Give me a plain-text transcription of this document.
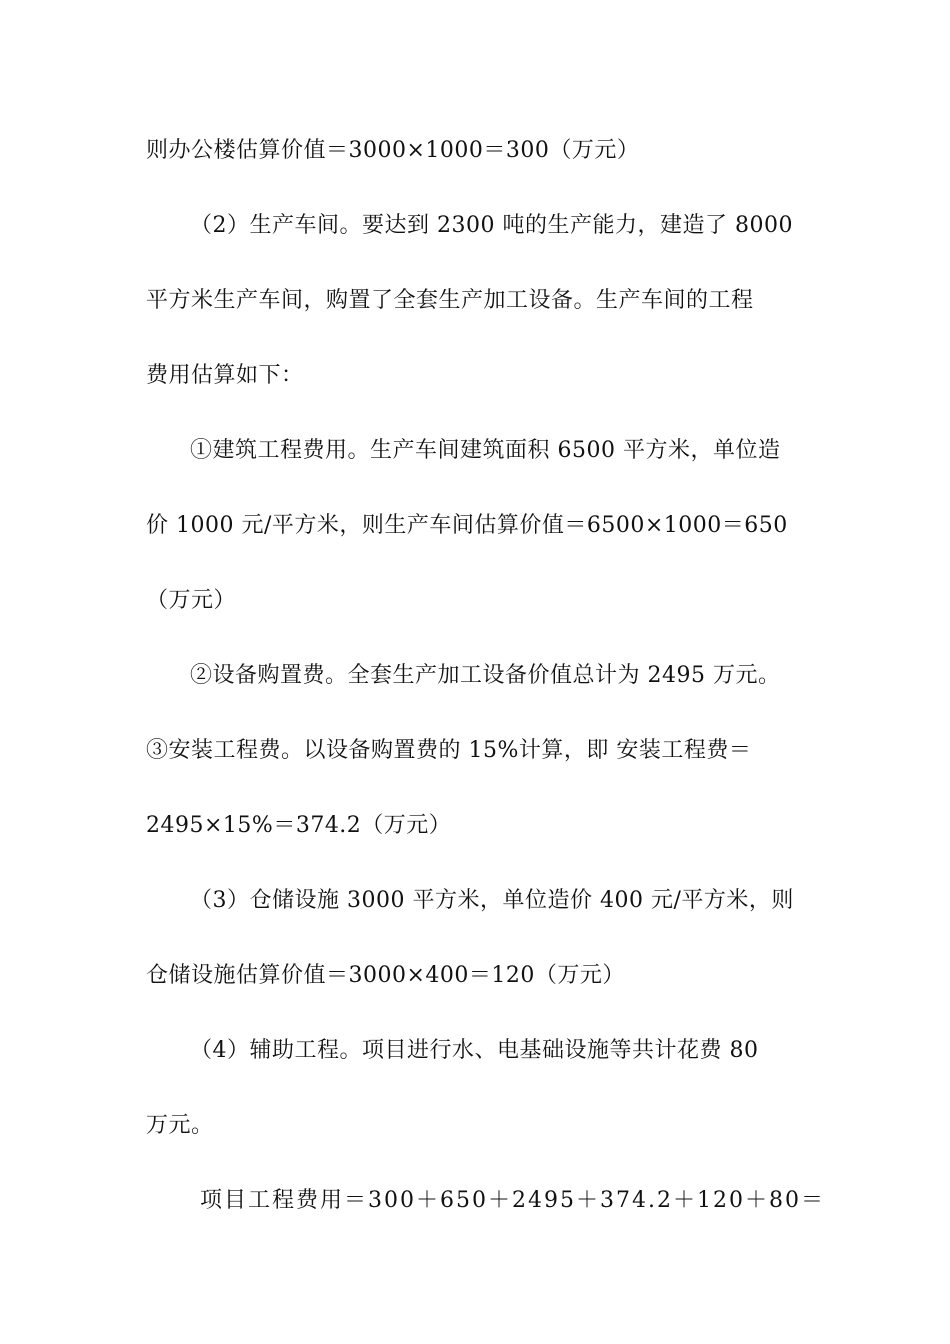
则办公楼估算价值＝3000×1000＝300（万元）
（2）生产车间。要达到 2300 吨的生产能力，建造了 8000
平方米生产车间，购置了全套生产加工设备。生产车间的工程
费用估算如下：
①建筑工程费用。生产车间建筑面积 6500 平方米，单位造
价 1000 元/平方米，则生产车间估算价值＝6500×1000＝650
（万元）
②设备购置费。全套生产加工设备价值总计为 2495 万元。
③安装工程费。以设备购置费的 15%计算，即 安装工程费＝
2495×15%＝374.2（万元）
（3）仓储设施 3000 平方米，单位造价 400 元/平方米，则
仓储设施估算价值＝3000×400＝120（万元）
（4）辅助工程。项目进行水、电基础设施等共计花费 80
万元。
项目工程费用＝300＋650＋2495＋374.2＋120＋80＝
